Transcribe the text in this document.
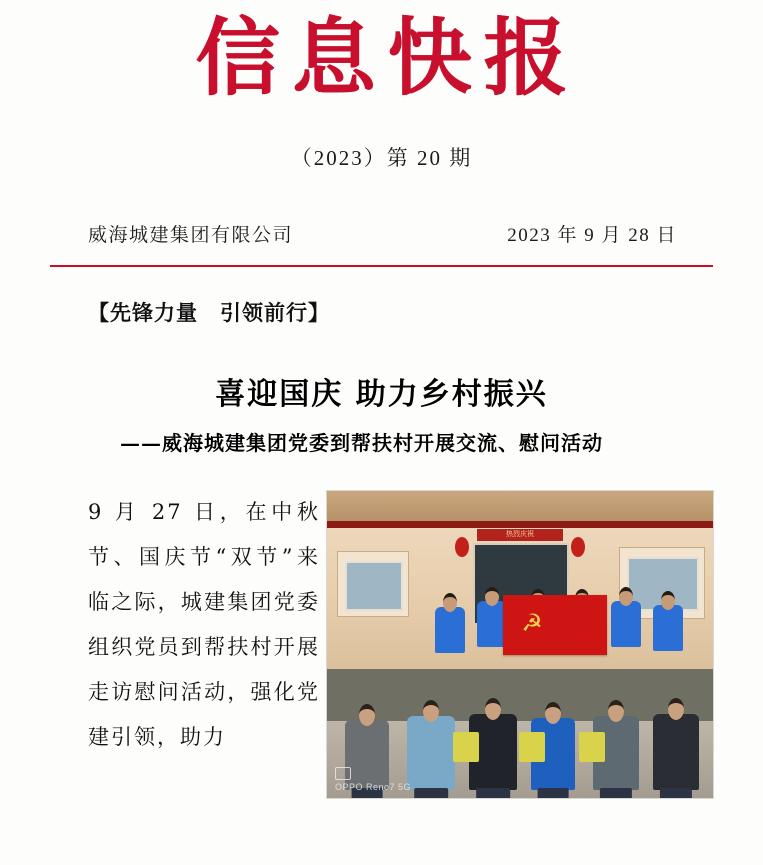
信息快报
（2023）第 20 期
威海城建集团有限公司	2023 年 9 月 28 日
【先锋力量　引领前行】
喜迎国庆 助力乡村振兴
——威海城建集团党委到帮扶村开展交流、慰问活动
9 月 27 日，在中秋节、国庆节“双节”来临之际，城建集团党委组织党员到帮扶村开展走访慰问活动，强化党建引领，助力
热烈庆祝
☭
OPPO Reno7 5G
